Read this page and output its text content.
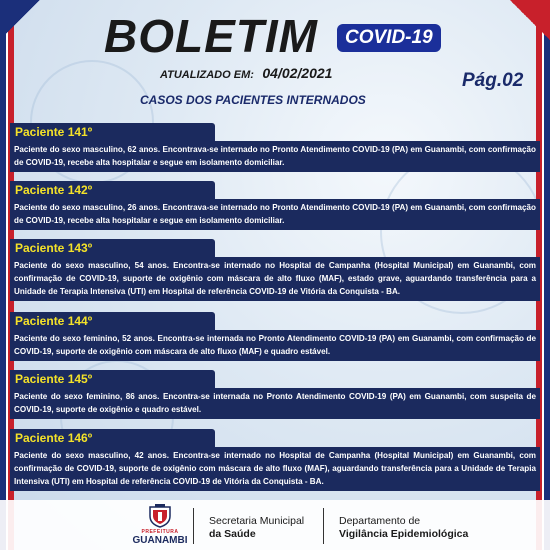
BOLETIM	COVID-19
ATUALIZADO EM: 04/02/2021	Pág.02
CASOS DOS PACIENTES INTERNADOS
Paciente 141º
Paciente do sexo masculino, 62 anos. Encontrava-se internado no Pronto Atendimento COVID-19 (PA) em Guanambi, com confirmação de COVID-19, recebe alta hospitalar e segue em isolamento domiciliar.
Paciente 142º
Paciente do sexo masculino, 26 anos. Encontrava-se internado no Pronto Atendimento COVID-19 (PA) em Guanambi, com confirmação de COVID-19, recebe alta hospitalar e segue em isolamento domiciliar.
Paciente 143º
Paciente do sexo masculino, 54 anos. Encontra-se internado no Hospital de Campanha (Hospital Municipal) em Guanambi, com confirmação de COVID-19, suporte de oxigênio com máscara de alto fluxo (MAF), estado grave, aguardando transferência para a Unidade de Terapia Intensiva (UTI) em Hospital de referência COVID-19 de Vitória da Conquista - BA.
Paciente 144º
Paciente do sexo feminino, 52 anos. Encontra-se internada no Pronto Atendimento COVID-19 (PA) em Guanambi, com confirmação de COVID-19, suporte de oxigênio com máscara de alto fluxo (MAF) e quadro estável.
Paciente 145º
Paciente do sexo feminino, 86 anos. Encontra-se internada no Pronto Atendimento COVID-19 (PA) em Guanambi, com suspeita de COVID-19, suporte de oxigênio e quadro estável.
Paciente 146º
Paciente do sexo masculino, 42 anos. Encontra-se internado no Hospital de Campanha (Hospital Municipal) em Guanambi, com confirmação de COVID-19, suporte de oxigênio com máscara de alto fluxo (MAF), aguardando transferência para a Unidade de Terapia Intensiva (UTI) em Hospital de referência COVID-19 de Vitória da Conquista - BA.
PREFEITURA
GUANAMBI
Secretaria Municipal
da Saúde
Departamento de
Vigilância Epidemiológica
